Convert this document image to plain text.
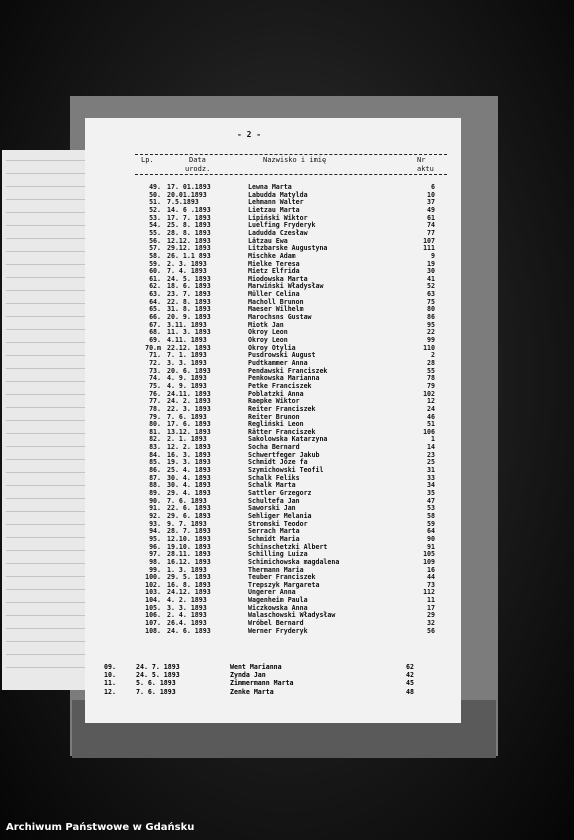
- 2 -
Lp.	Data
urodz.
Nazwisko i imię	Nr
aktu
49. 17. 01.1893	Lewna Marta	6
50. 20.01.1893	Labudda Matylda	10
51. 7.5.1893	Lehmann Walter	37
52. 14. 6 .1893	Lietzau Marta	49
53. 17. 7. 1893	Lipiński Wiktor	61
54. 25. 8. 1893	Luelfing Fryderyk	74
55. 28. 8. 1893	Ladudda Czesław	77
56. 12.12. 1893	Lätzau Ewa	107
57. 29.12. 1893	Litzbarske Augustyna	111
58. 26. 1.1 893	Mischke Adam	9
59. 2. 3. 1893	Mielke Teresa	19
60. 7. 4. 1893	Mietz Elfrida	30
61. 24. 5. 1893	Miodowska Marta	41
62. 18. 6. 1893	Marwiński Władysław	52
63. 23. 7. 1893	Müller Celina	63
64. 22. 8. 1893	Macholl Brunon	75
65. 31. 8. 1893	Maeser Wilhelm	80
66. 20. 9. 1893	Marochsns Gustaw	86
67. 3.11. 1893	Miotk Jan	95
68. 11. 3. 1893	Okroy Leon	22
69. 4.11. 1893	Okroy Leon	99
70.m 22.12. 1893	Okroy Otylia	110
71. 7. 1. 1893	Pusdrowski August	2
72. 3. 3. 1893	Pudtkammer Anna	28
73. 20. 6. 1893	Pendawski Franciszek	55
74. 4. 9. 1893	Penkowska Marianna	78
75. 4. 9. 1893	Petke Franciszek	79
76. 24.11. 1893	Poblatzki Anna	102
77. 24. 2. 1893	Raepke Wiktor	12
78. 22. 3. 1893	Reiter Franciszek	24
79. 7. 6. 1893	Reiter Brunon	46
80. 17. 6. 1893	Regliński Leon	51
81. 13.12. 1893	Rätter Franciszek	106
82. 2. 1. 1893	Sakolowska Katarzyna	1
83. 12. 2. 1893	Socha Bernard	14
84. 16. 3. 1893	Schwertfeger Jakub	23
85. 19. 3. 1893	Schmidt Józe fa	25
86. 25. 4. 1893	Szymichowski Teofil	31
87. 30. 4. 1893	Schalk Feliks	33
88. 30. 4. 1893	Schalk Marta	34
89. 29. 4. 1893	Sattler Grzegorz	35
90. 7. 6. 1893	Schultefa Jan	47
91. 22. 6. 1893	Saworski Jan	53
92. 29. 6. 1893	Sehliger Melania	58
93. 9. 7. 1893	Stromski Teodor	59
94. 28. 7. 1893	Serrach Marta	64
95. 12.10. 1893	Schmidt Maria	90
96. 19.10. 1893	Schinschetzki Albert	91
97. 28.11. 1893	Schilling Luiza	105
98. 16.12. 1893	Schimichowska magdalena	109
99. 1. 3. 1893	Thermann Maria	16
100. 29. 5. 1893	Teuber Franciszek	44
102. 16. 8. 1893	Trepszyk Margareta	73
103. 24.12. 1893	Ungerer Anna	112
104. 4. 2. 1893	Wagenheim Paula	11
105. 3. 3. 1893	Wiczkowska Anna	17
106. 2. 4. 1893	Walaschowski Władysław	29
107. 26.4. 1893	Wróbel Bernard	32
108. 24. 6. 1893	Werner Fryderyk	56
09.	24. 7. 1893	Went Marianna	62
10.	24. 5. 1893	Zynda Jan	42
11.	5. 6. 1893	Zimmermann Marta	45
12.	7. 6. 1893	Zenke Marta	48
Archiwum Państwowe w Gdańsku
